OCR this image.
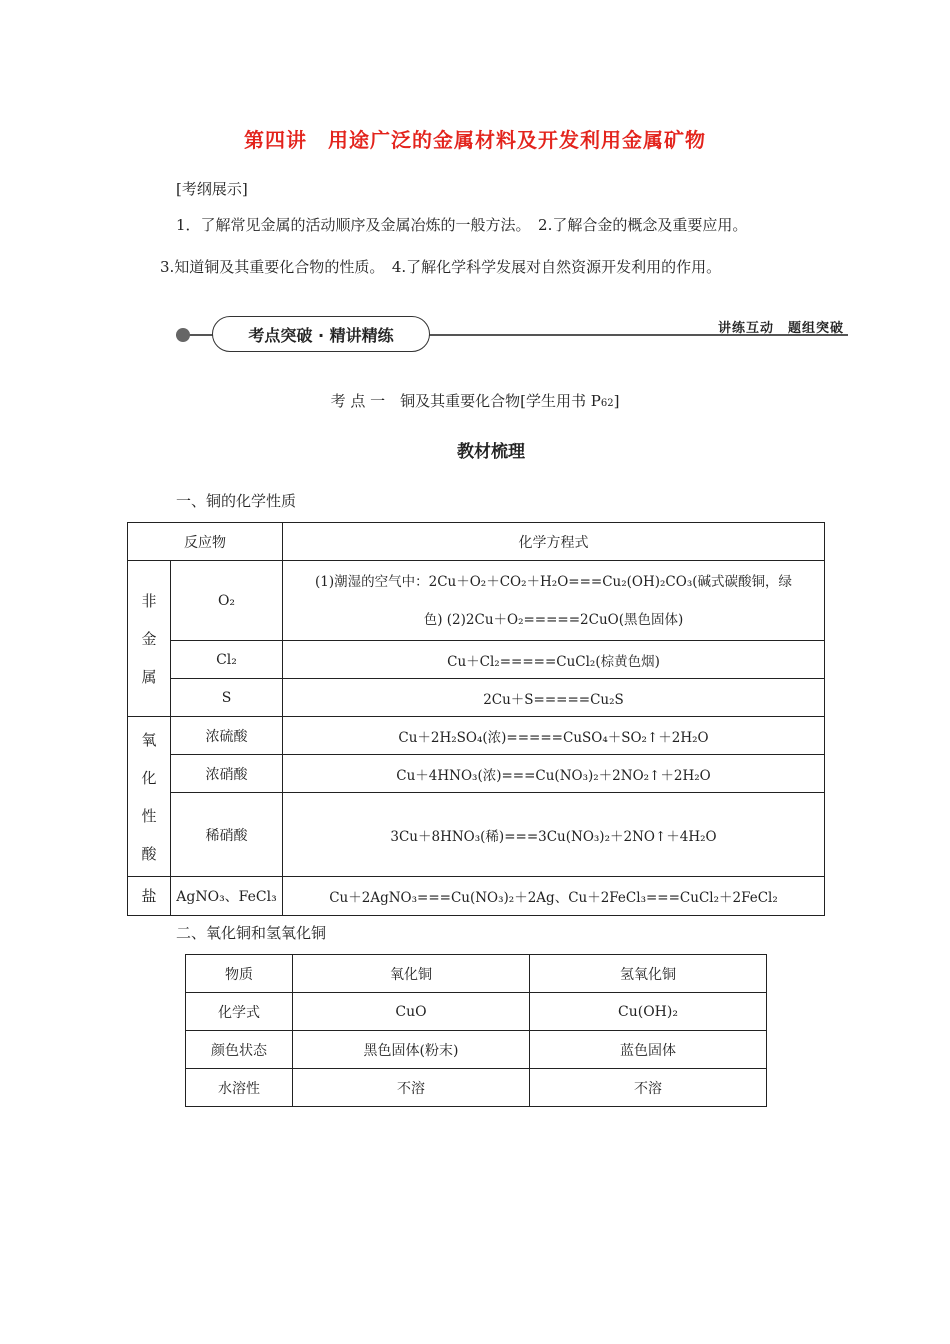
第四讲　用途广泛的金属材料及开发利用金属矿物
[考纲展示]
1．了解常见金属的活动顺序及金属冶炼的一般方法。　2.了解合金的概念及重要应用。
3.知道铜及其重要化合物的性质。　4.了解化学科学发展对自然资源开发利用的作用。
考点突破 · 精讲精练	讲练互动　题组突破
考 点 一　铜及其重要化合物[学生用书 P62]
教材梳理
一、铜的化学性质
反应物		化学方程式

非金属	O₂	(1)潮湿的空气中：2Cu＋O₂＋CO₂＋H₂O===Cu₂(OH)₂CO₃(碱式碳酸铜，绿
色) (2)2Cu＋O₂=====2CuO(黑色固体)

	Cl₂	Cu＋Cl₂=====CuCl₂(棕黄色烟)
	S	2Cu＋S=====Cu₂S

氧化性酸	浓硫酸	Cu＋2H₂SO₄(浓)=====CuSO₄＋SO₂↑＋2H₂O
	浓硝酸	Cu＋4HNO₃(浓)===Cu(NO₃)₂＋2NO₂↑＋2H₂O
	稀硝酸	3Cu＋8HNO₃(稀)===3Cu(NO₃)₂＋2NO↑＋4H₂O
盐	AgNO₃、FeCl₃	Cu＋2AgNO₃===Cu(NO₃)₂＋2Ag、Cu＋2FeCl₃===CuCl₂＋2FeCl₂
二、氧化铜和氢氧化铜
物质	氧化铜	氢氧化铜
化学式	CuO	Cu(OH)₂
颜色状态	黑色固体(粉末)	蓝色固体
水溶性	不溶	不溶
